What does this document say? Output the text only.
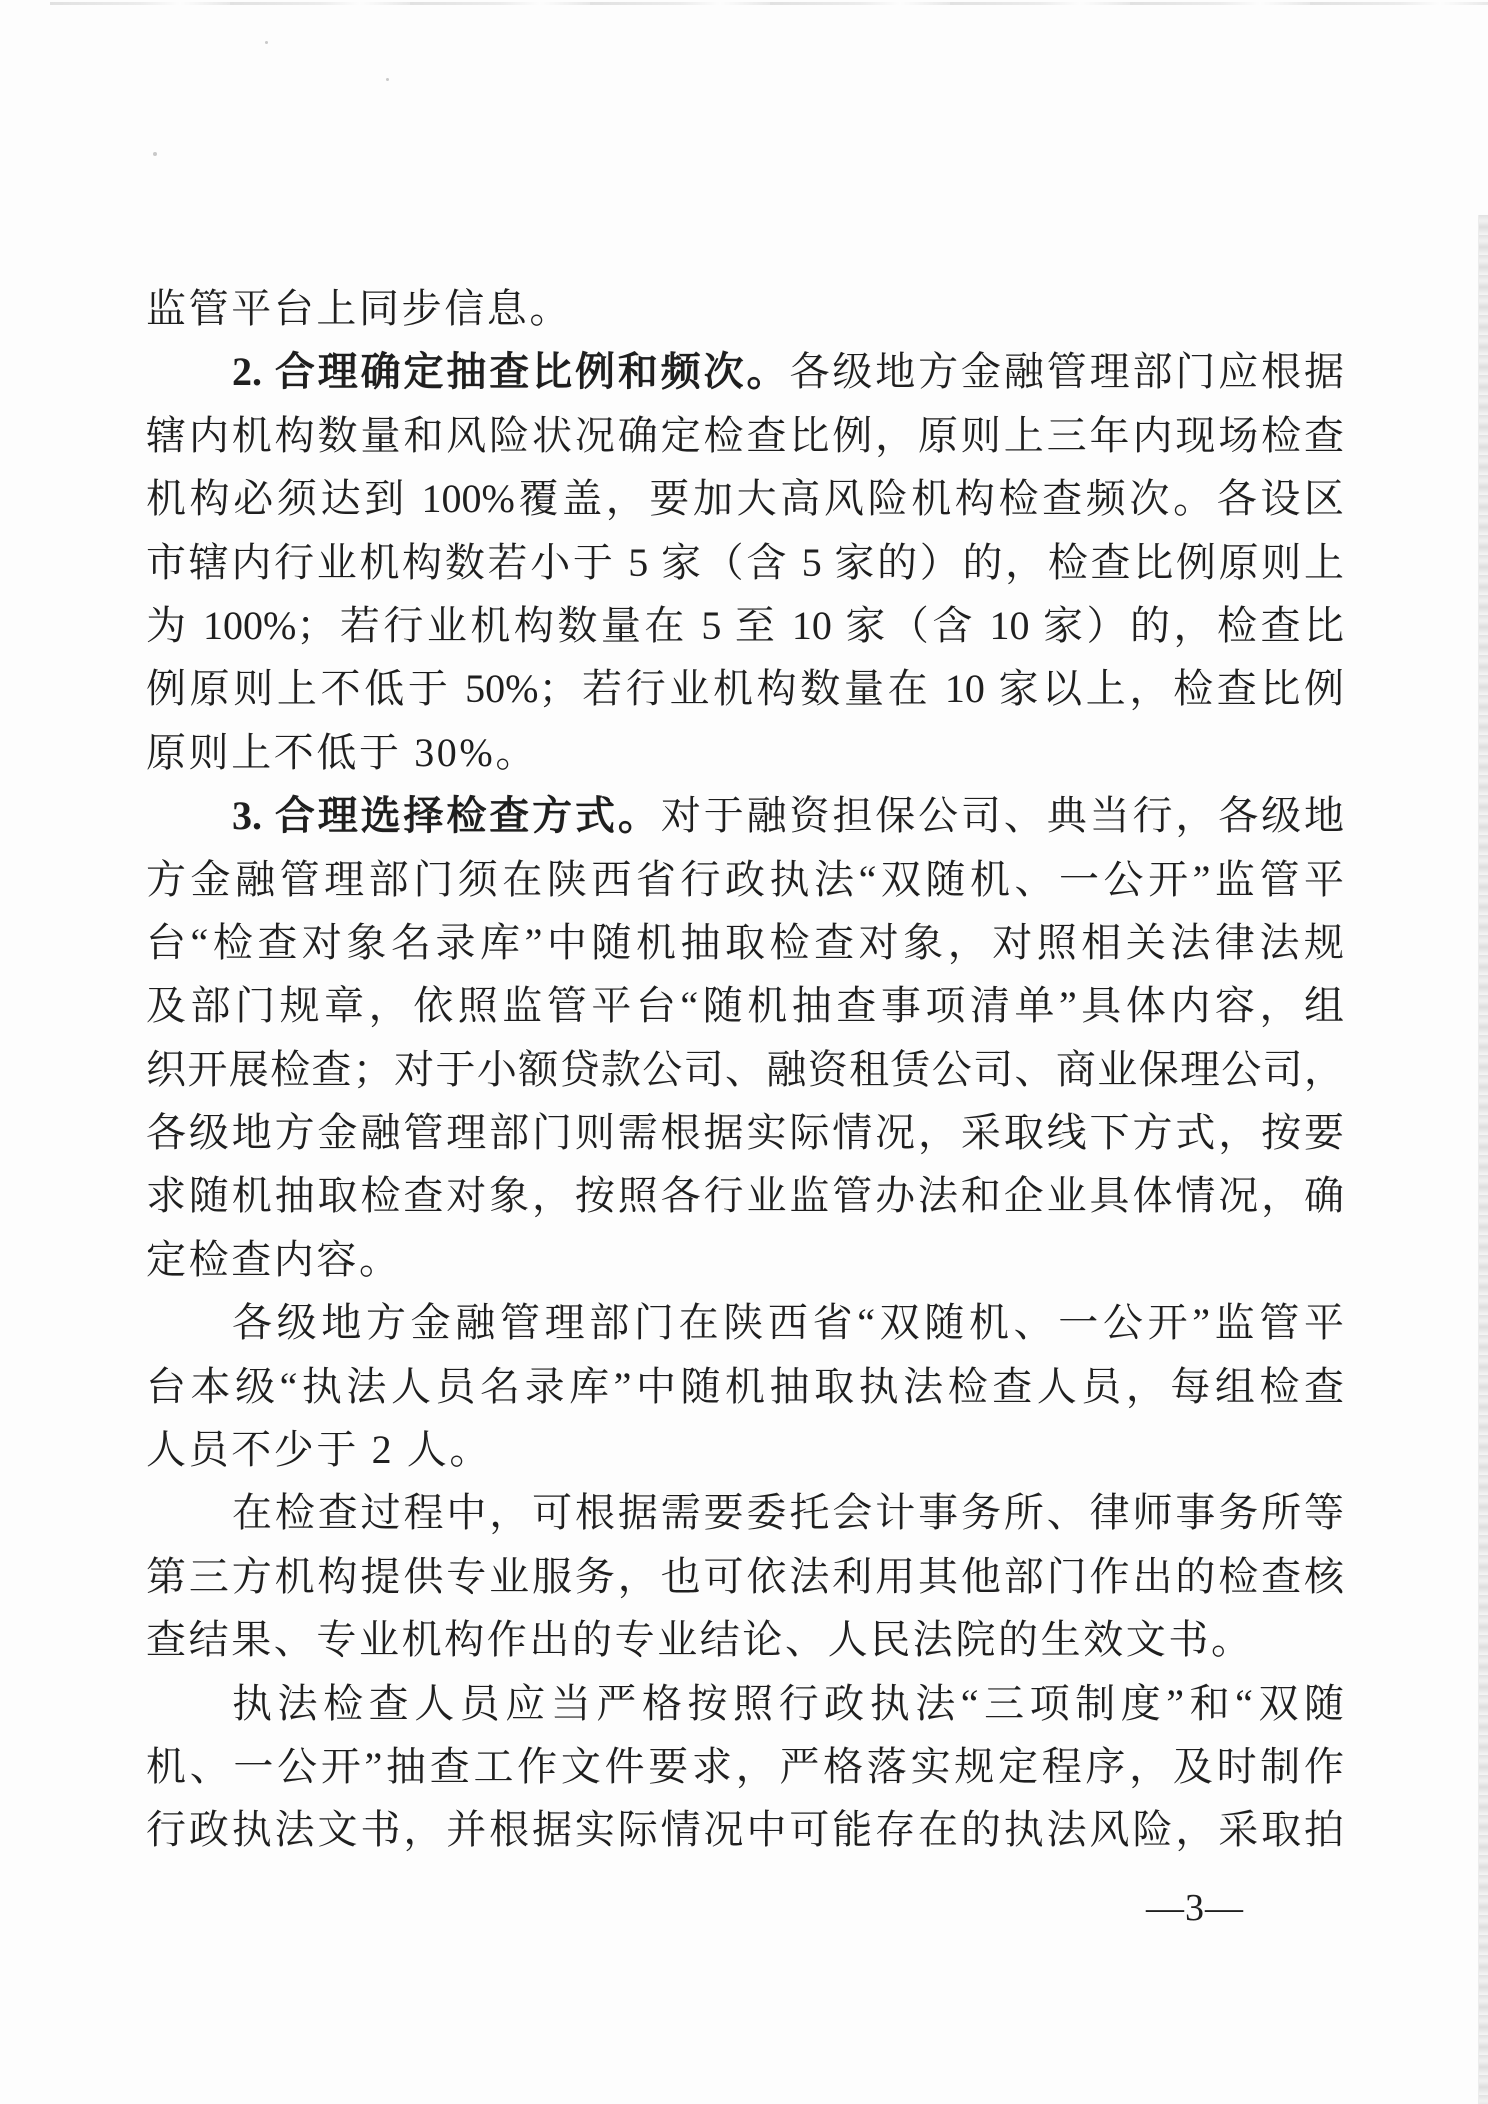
监管平台上同步信息。
2. 合理确定抽查比例和频次。各级地方金融管理部门应根据
辖内机构数量和风险状况确定检查比例，原则上三年内现场检查
机构必须达到 100%覆盖，要加大高风险机构检查频次。各设区
市辖内行业机构数若小于 5 家（含 5 家的）的，检查比例原则上
为 100%；若行业机构数量在 5 至 10 家（含 10 家）的，检查比
例原则上不低于 50%；若行业机构数量在 10 家以上，检查比例
原则上不低于 30%。
3. 合理选择检查方式。对于融资担保公司、典当行，各级地
方金融管理部门须在陕西省行政执法“双随机、一公开”监管平
台“检查对象名录库”中随机抽取检查对象，对照相关法律法规
及部门规章，依照监管平台“随机抽查事项清单”具体内容，组
织开展检查；对于小额贷款公司、融资租赁公司、商业保理公司，
各级地方金融管理部门则需根据实际情况，采取线下方式，按要
求随机抽取检查对象，按照各行业监管办法和企业具体情况，确
定检查内容。
各级地方金融管理部门在陕西省“双随机、一公开”监管平
台本级“执法人员名录库”中随机抽取执法检查人员，每组检查
人员不少于 2 人。
在检查过程中，可根据需要委托会计事务所、律师事务所等
第三方机构提供专业服务，也可依法利用其他部门作出的检查核
查结果、专业机构作出的专业结论、人民法院的生效文书。
执法检查人员应当严格按照行政执法“三项制度”和“双随
机、一公开”抽查工作文件要求，严格落实规定程序，及时制作
行政执法文书，并根据实际情况中可能存在的执法风险，采取拍
—3—
